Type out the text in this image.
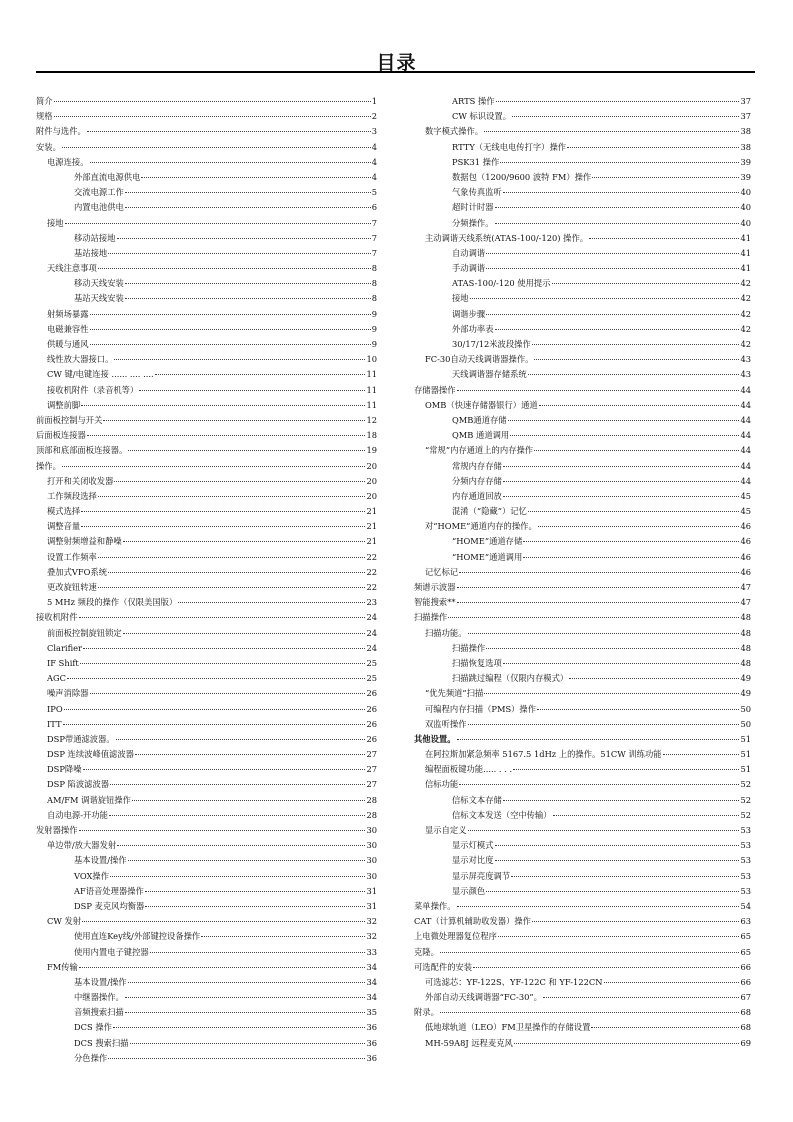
目录
简介	1
规格	2
附件与选件。	3
安装。	4
电源连接。	4
外部直流电源供电	4
交流电源工作	5
内置电池供电	6
接地	7
移动站接地	7
基站接地	7
天线注意事项	8
移动天线安装	8
基站天线安装	8
射频场暴露	9
电磁兼容性	9
供暖与通风	9
线性放大器接口。	10
CW 键/电键连接 ...... .... ....	11
接收机附件（录音机等）	11
调整前脚	11
前面板控制与开关	12
后面板连接器	18
顶部和底部面板连接器。	19
操作。	20
打开和关闭收发器	20
工作频段选择	20
模式选择	21
调整音量	21
调整射频增益和静噪	21
设置工作频率	22
叠加式VFO系统	22
更改旋钮转速	22
5 MHz 频段的操作（仅限美国版）	23
接收机附件	24
前面板控制旋钮锁定	24
Clarifier	24
IF Shift	25
AGC	25
噪声消除器	26
IPO	26
ITT	26
DSP带通滤波器。	26
DSP 连续波峰值滤波器	27
DSP降噪	27
DSP 陷波滤波器	27
AM/FM 调谐旋钮操作	28
自动电源-开功能	28
发射器操作	30
单边带/放大器发射	30
基本设置/操作	30
VOX操作	30
AF语音处理器操作	31
DSP 麦克风均衡器	31
CW 发射	32
使用直连Key线/外部键控设备操作	32
使用内置电子键控器	33
FM传输	34
基本设置/操作	34
中继器操作。	34
音频搜索扫描	35
DCS 操作	36
DCS 搜索扫描	36
分色操作	36
ARTS 操作	37
CW 标识设置。	37
数字模式操作。	38
RTTY（无线电电传打字）操作	38
PSK31 操作	39
数据包（1200/9600 波特 FM）操作	39
气象传真监听	40
超时计时器	40
分频操作。	40
主动调谐天线系统(ATAS-100/-120) 操作。	41
自动调谐	41
手动调谐	41
ATAS-100/-120 使用提示	42
接地	42
调谐步骤	42
外部功率表	42
30/17/12米波段操作	42
FC-30自动天线调谐器操作。	43
天线调谐器存储系统	43
存储器操作	44
OMB（快速存储器银行）通道	44
QMB通道存储	44
QMB 通道调用	44
“常规”内存通道上的内存操作	44
常规内存存储	44
分频内存存储	44
内存通道回放	45
混淆（“隐藏”）记忆	45
对“HOME”通道内存的操作。	46
“HOME”通道存储	46
“HOME”通道调用	46
记忆标记	46
频谱示波器	47
智能搜索**	47
扫描操作	48
扫描功能。	48
扫描操作	48
扫描恢复选项	48
扫描跳过编程（仅限内存模式）	49
“优先频道”扫描	49
可编程内存扫描（PMS）操作	50
双监听操作	50
其他设置。	51
在阿拉斯加紧急频率 5167.5 1dHz 上的操作。51CW 训练功能	51
编程面板键功能..... . . .	51
信标功能	52
信标文本存储	52
信标文本发送（空中传输）	52
显示自定义	53
显示灯模式	53
显示对比度	53
显示屏亮度调节	53
显示颜色	53
菜单操作。	54
CAT（计算机辅助收发器）操作	63
上电微处理器复位程序	65
克隆。	65
可选配件的安装	66
可选滤芯：YF-122S、YF-122C 和 YF-122CN	66
外部自动天线调谐器“FC-30”。	67
附录。	68
低地球轨道（LEO）FM卫星操作的存储设置	68
MH-59A8J 远程麦克风	69
